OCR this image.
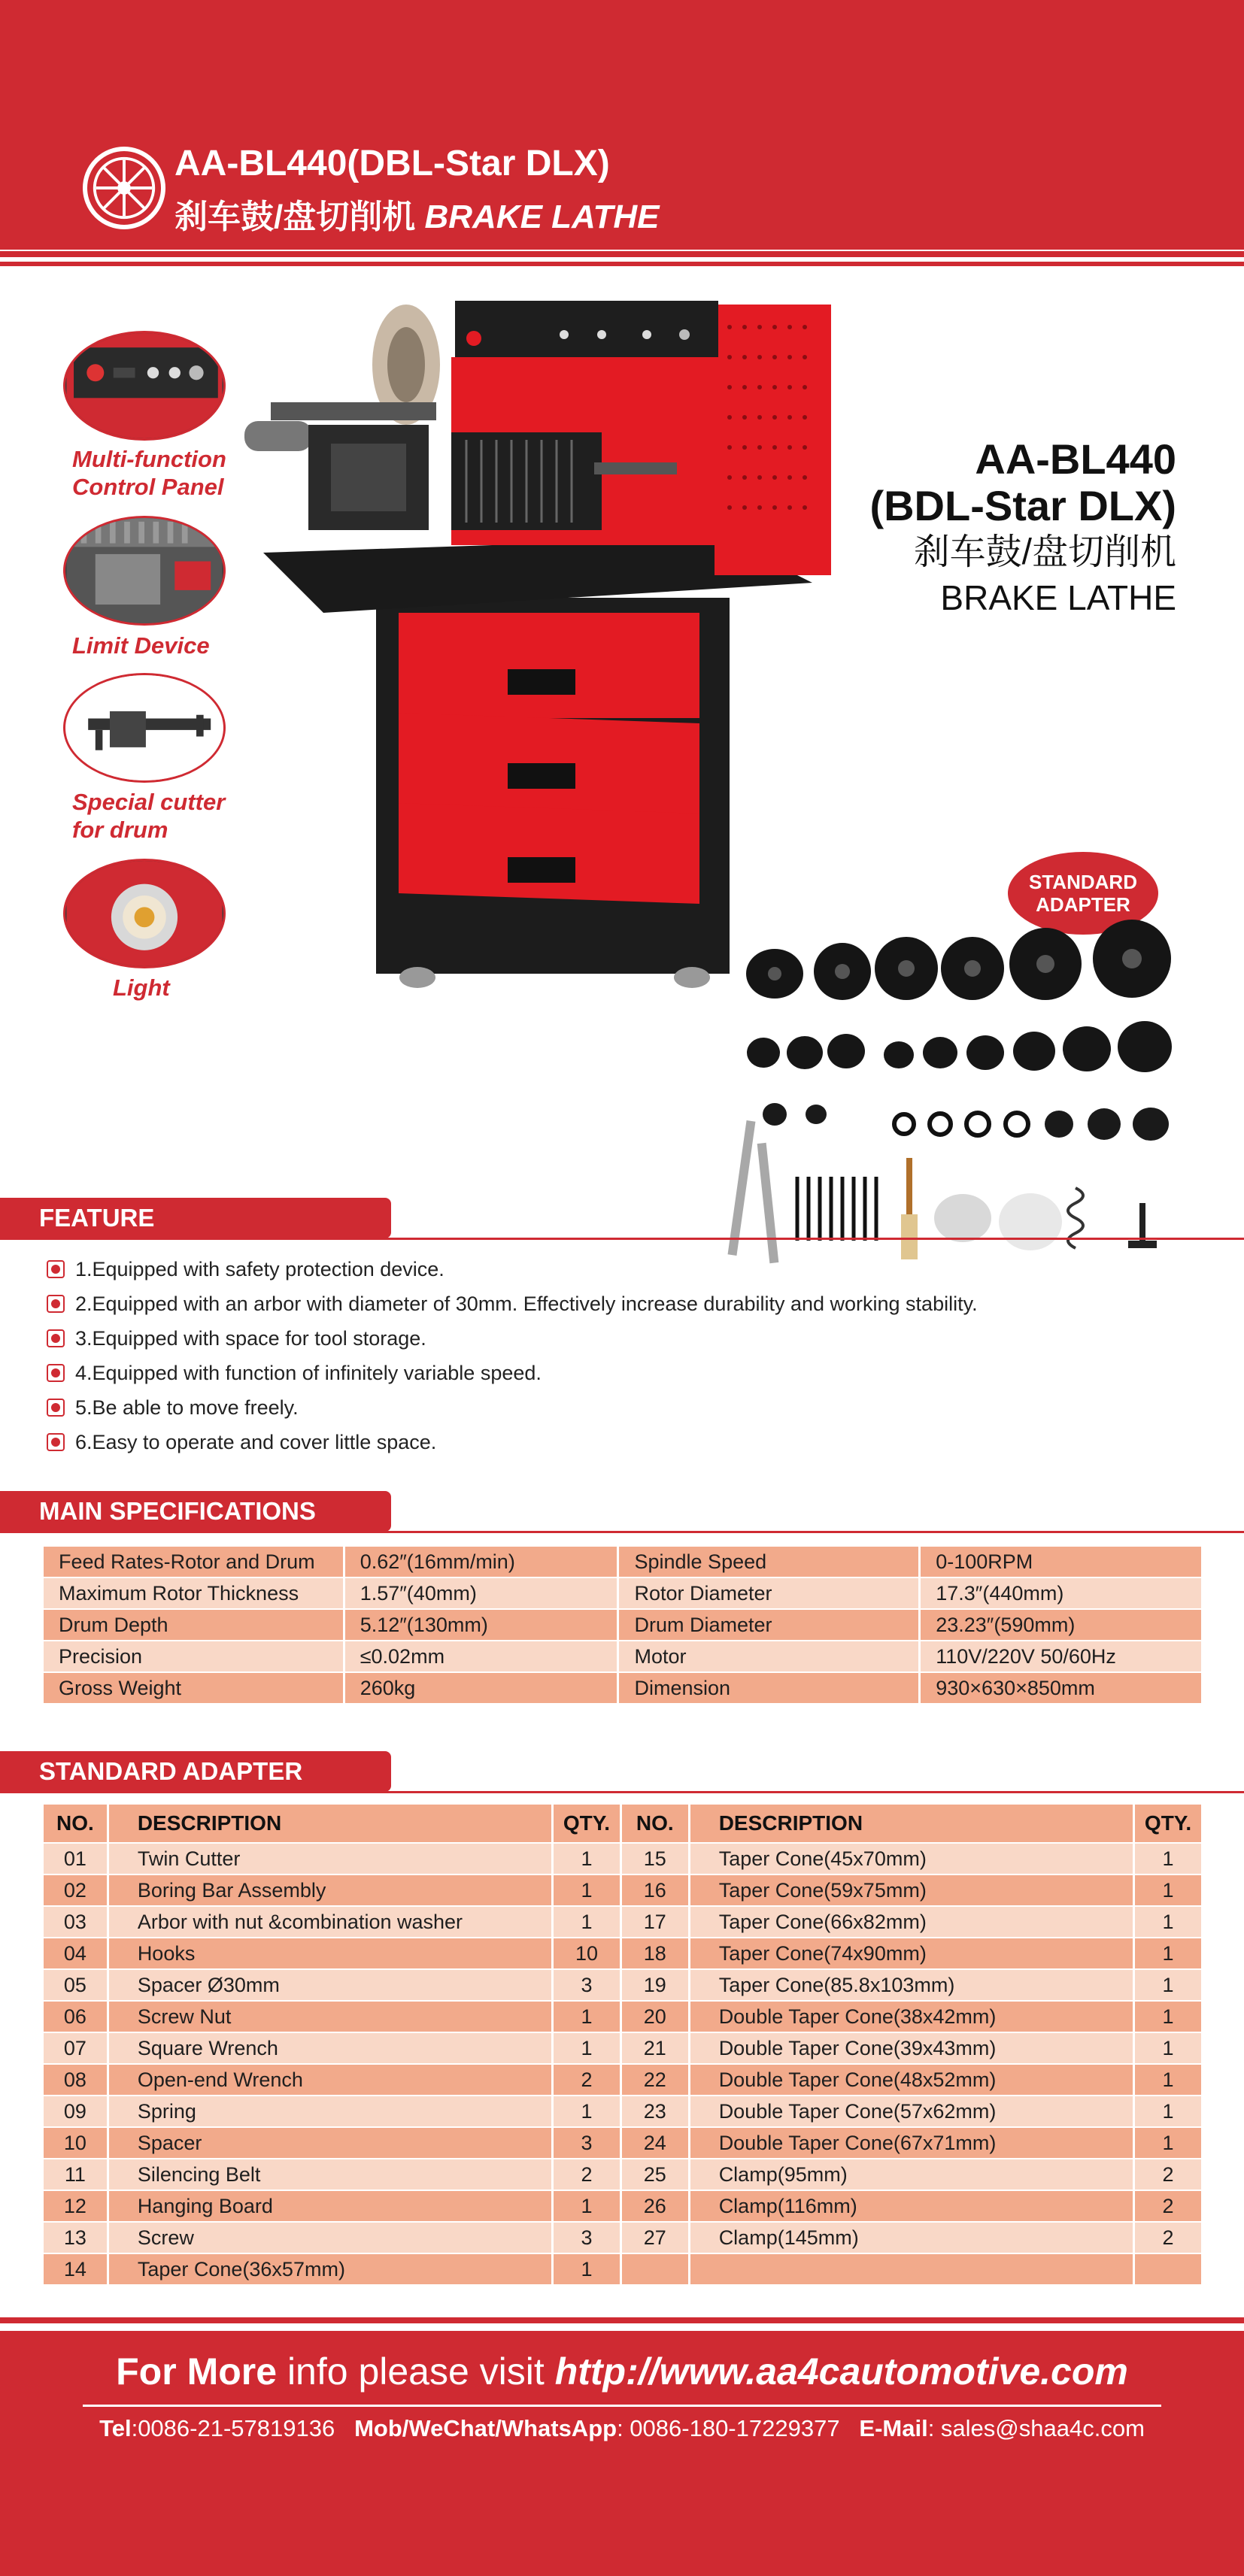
AA-BL440(DBL-Star DLX)
刹车鼓/盘切削机 BRAKE LATHE
Multi-function
Control Panel
Limit Device
Special cutter
for drum
Light
AA-BL440
(BDL-Star DLX)
刹车鼓/盘切削机
BRAKE LATHE
STANDARD
ADAPTER
FEATURE
1.Equipped with safety protection device.
2.Equipped with an arbor with diameter of 30mm. Effectively increase durability and working stability.
3.Equipped with space for tool storage.
4.Equipped with function of infinitely variable speed.
5.Be able to move freely.
6.Easy to operate and cover little space.
MAIN SPECIFICATIONS
Feed Rates-Rotor and Drum	0.62″(16mm/min)	Spindle Speed	0-100RPM
Maximum Rotor Thickness	1.57″(40mm)	Rotor Diameter	17.3″(440mm)
Drum Depth	5.12″(130mm)	Drum Diameter	23.23″(590mm)
Precision	≤0.02mm	Motor	110V/220V 50/60Hz
Gross Weight	260kg	Dimension	930×630×850mm
STANDARD ADAPTER
NO.	DESCRIPTION	QTY.	NO.	DESCRIPTION	QTY.
01	Twin Cutter	1	15	Taper Cone(45x70mm)	1
02	Boring Bar Assembly	1	16	Taper Cone(59x75mm)	1
03	Arbor with nut &combination washer	1	17	Taper Cone(66x82mm)	1
04	Hooks	10	18	Taper Cone(74x90mm)	1
05	Spacer Ø30mm	3	19	Taper Cone(85.8x103mm)	1
06	Screw Nut	1	20	Double Taper Cone(38x42mm)	1
07	Square Wrench	1	21	Double Taper Cone(39x43mm)	1
08	Open-end Wrench	2	22	Double Taper Cone(48x52mm)	1
09	Spring	1	23	Double Taper Cone(57x62mm)	1
10	Spacer	3	24	Double Taper Cone(67x71mm)	1
11	Silencing Belt	2	25	Clamp(95mm)	2
12	Hanging Board	1	26	Clamp(116mm)	2
13	Screw	3	27	Clamp(145mm)	2
14	Taper Cone(36x57mm)	1			
For More info please visit http://www.aa4cautomotive.com
Tel:0086-21-57819136 Mob/WeChat/WhatsApp: 0086-180-17229377 E-Mail: sales@shaa4c.com
